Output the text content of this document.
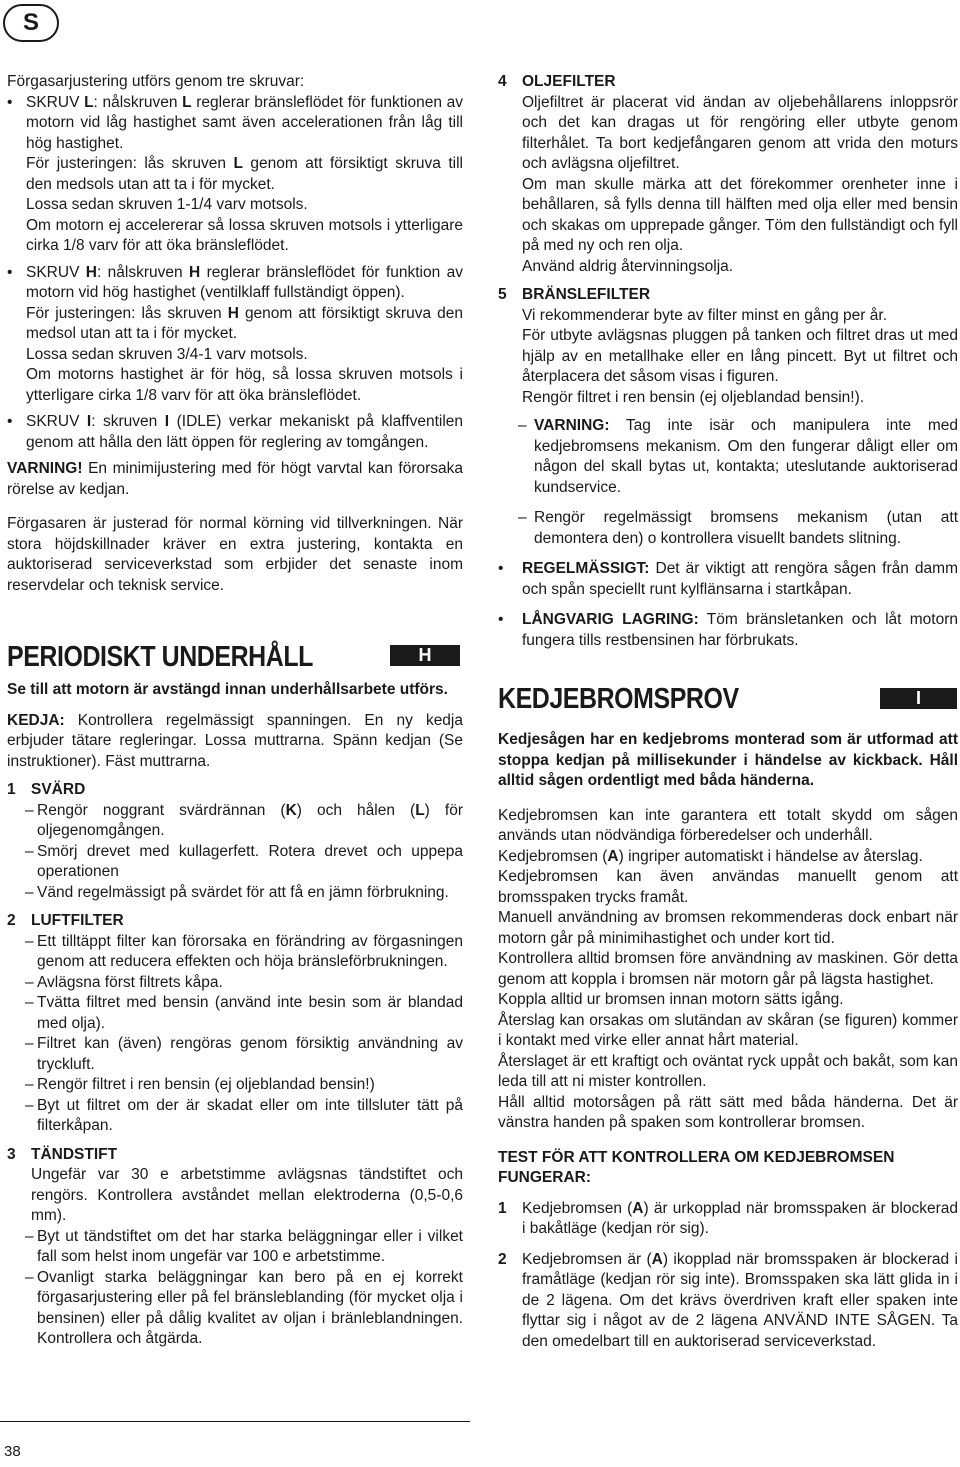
S

Förgasarjustering utförs genom tre skruvar:

• SKRUV L: nålskruven L reglerar bränsleflödet för funktionen av motorn vid låg hastighet samt även accelerationen från låg till hög hastighet.

För justeringen: lås skruven L genom att försiktigt skruva till den medsols utan att ta i för mycket.

Lossa sedan skruven 1-1/4 varv motsols.

Om motorn ej accelererar så lossa skruven motsols i ytterligare cirka 1/8 varv för att öka bränsleflödet.

• SKRUV H: nålskruven H reglerar bränsleflödet för funktion av motorn vid hög hastighet (ventilklaff fullständigt öppen).

För justeringen: lås skruven H genom att försiktigt skruva den medsol utan att ta i för mycket.

Lossa sedan skruven 3/4-1 varv motsols.

Om motorns hastighet är för hög, så lossa skruven motsols i ytterligare cirka 1/8 varv för att öka bränsleflödet.

• SKRUV I: skruven I (IDLE) verkar mekaniskt på klaffventilen genom att hålla den lätt öppen för reglering av tomgången.

VARNING! En minimijustering med för högt varvtal kan förorsaka rörelse av kedjan.

Förgasaren är justerad för normal körning vid tillverkningen. När stora höjdskillnader kräver en extra justering, kontakta en auktoriserad serviceverkstad som erbjider det senaste inom reservdelar och teknisk service.

PERIODISKT UNDERHÅLL	H

Se till att motorn är avstängd innan underhållsarbete utförs.

KEDJA: Kontrollera regelmässigt spanningen. En ny kedja erbjuder tätare regleringar. Lossa muttrarna. Spänn kedjan (Se instruktioner). Fäst muttrarna.

1 SVÄRD
– Rengör noggrant svärdrännan (K) och hålen (L) för oljegenomgången.
– Smörj drevet med kullagerfett. Rotera drevet och uppepa operationen
– Vänd regelmässigt på svärdet för att få en jämn förbrukning.
2 LUFTFILTER
– Ett tilltäppt filter kan förorsaka en förändring av förgasningen genom att reducera effekten och höja bränsleförbrukningen.
– Avlägsna först filtrets kåpa.
– Tvätta filtret med bensin (använd inte besin som är blandad med olja).
– Filtret kan (även) rengöras genom försiktig användning av tryckluft.
– Rengör filtret i ren bensin (ej oljeblandad bensin!)
– Byt ut filtret om der är skadat eller om inte tillsluter tätt på filterkåpan.
3 TÄNDSTIFT

Ungefär var 30 e arbetstimme avlägsnas tändstiftet och rengörs. Kontrollera avståndet mellan elektroderna (0,5-0,6 mm).

– Byt ut tändstiftet om det har starka beläggningar eller i vilket fall som helst inom ungefär var 100 e arbetstimme.
– Ovanligt starka beläggningar kan bero på en ej korrekt förgasarjustering eller på fel bränsleblanding (för mycket olja i bensinen) eller på dålig kvalitet av oljan i bränleblandningen. Kontrollera och åtgärda.
4 OLJEFILTER

Oljefiltret är placerat vid ändan av oljebehållarens inloppsrör och det kan dragas ut för rengöring eller utbyte genom filterhålet. Ta bort kedjefångaren genom att vrida den moturs och avlägsna oljefiltret.

Om man skulle märka att det förekommer orenheter inne i behållaren, så fylls denna till hälften med olja eller med bensin och skakas om upprepade gånger. Töm den fullständigt och fyll på med ny och ren olja.

Använd aldrig återvinningsolja.

5 BRÄNSLEFILTER

Vi rekommenderar byte av filter minst en gång per år.

För utbyte avlägsnas pluggen på tanken och filtret dras ut med hjälp av en metallhake eller en lång pincett. Byt ut filtret och återplacera det såsom visas i figuren.

Rengör filtret i ren bensin (ej oljeblandad bensin!).

– VARNING: Tag inte isär och manipulera inte med kedjebromsens mekanism. Om den fungerar dåligt eller om någon del skall bytas ut, kontakta; uteslutande auktoriserad kundservice.
– Rengör regelmässigt bromsens mekanism (utan att demontera den) o kontrollera visuellt bandets slitning.
• REGELMÄSSIGT: Det är viktigt att rengöra sågen från damm och spån speciellt runt kylflänsarna i startkåpan.
• LÅNGVARIG LAGRING: Töm bränsletanken och låt motorn fungera tills restbensinen har förbrukats.
KEDJEBROMSPROV	I

Kedjesågen har en kedjebroms monterad som är utformad att stoppa kedjan på millisekunder i händelse av kickback. Håll alltid sågen ordentligt med båda händerna.

Kedjebromsen kan inte garantera ett totalt skydd om sågen används utan nödvändiga förberedelser och underhåll.

Kedjebromsen (A) ingriper automatiskt i händelse av återslag.

Kedjebromsen kan även användas manuellt genom att bromsspaken trycks framåt.

Manuell användning av bromsen rekommenderas dock enbart när motorn går på minimihastighet och under kort tid.

Kontrollera alltid bromsen före användning av maskinen. Gör detta genom att koppla i bromsen när motorn går på lägsta hastighet.

Koppla alltid ur bromsen innan motorn sätts igång.

Återslag kan orsakas om slutändan av skåran (se figuren) kommer i kontakt med virke eller annat hårt material.

Återslaget är ett kraftigt och oväntat ryck uppåt och bakåt, som kan leda till att ni mister kontrollen.

Håll alltid motorsågen på rätt sätt med båda händerna. Det är vänstra handen på spaken som kontrollerar bromsen.

TEST FÖR ATT KONTROLLERA OM KEDJEBROMSEN FUNGERAR:

1 Kedjebromsen (A) är urkopplad när bromsspaken är blockerad i bakåtläge (kedjan rör sig).
2 Kedjebromsen är (A) ikopplad när bromsspaken är blockerad i framåtläge (kedjan rör sig inte). Bromsspaken ska lätt glida in i de 2 lägena. Om det krävs överdriven kraft eller spaken inte flyttar sig i något av de 2 lägena ANVÄND INTE SÅGEN. Ta den omedelbart till en auktoriserad serviceverkstad.
38
